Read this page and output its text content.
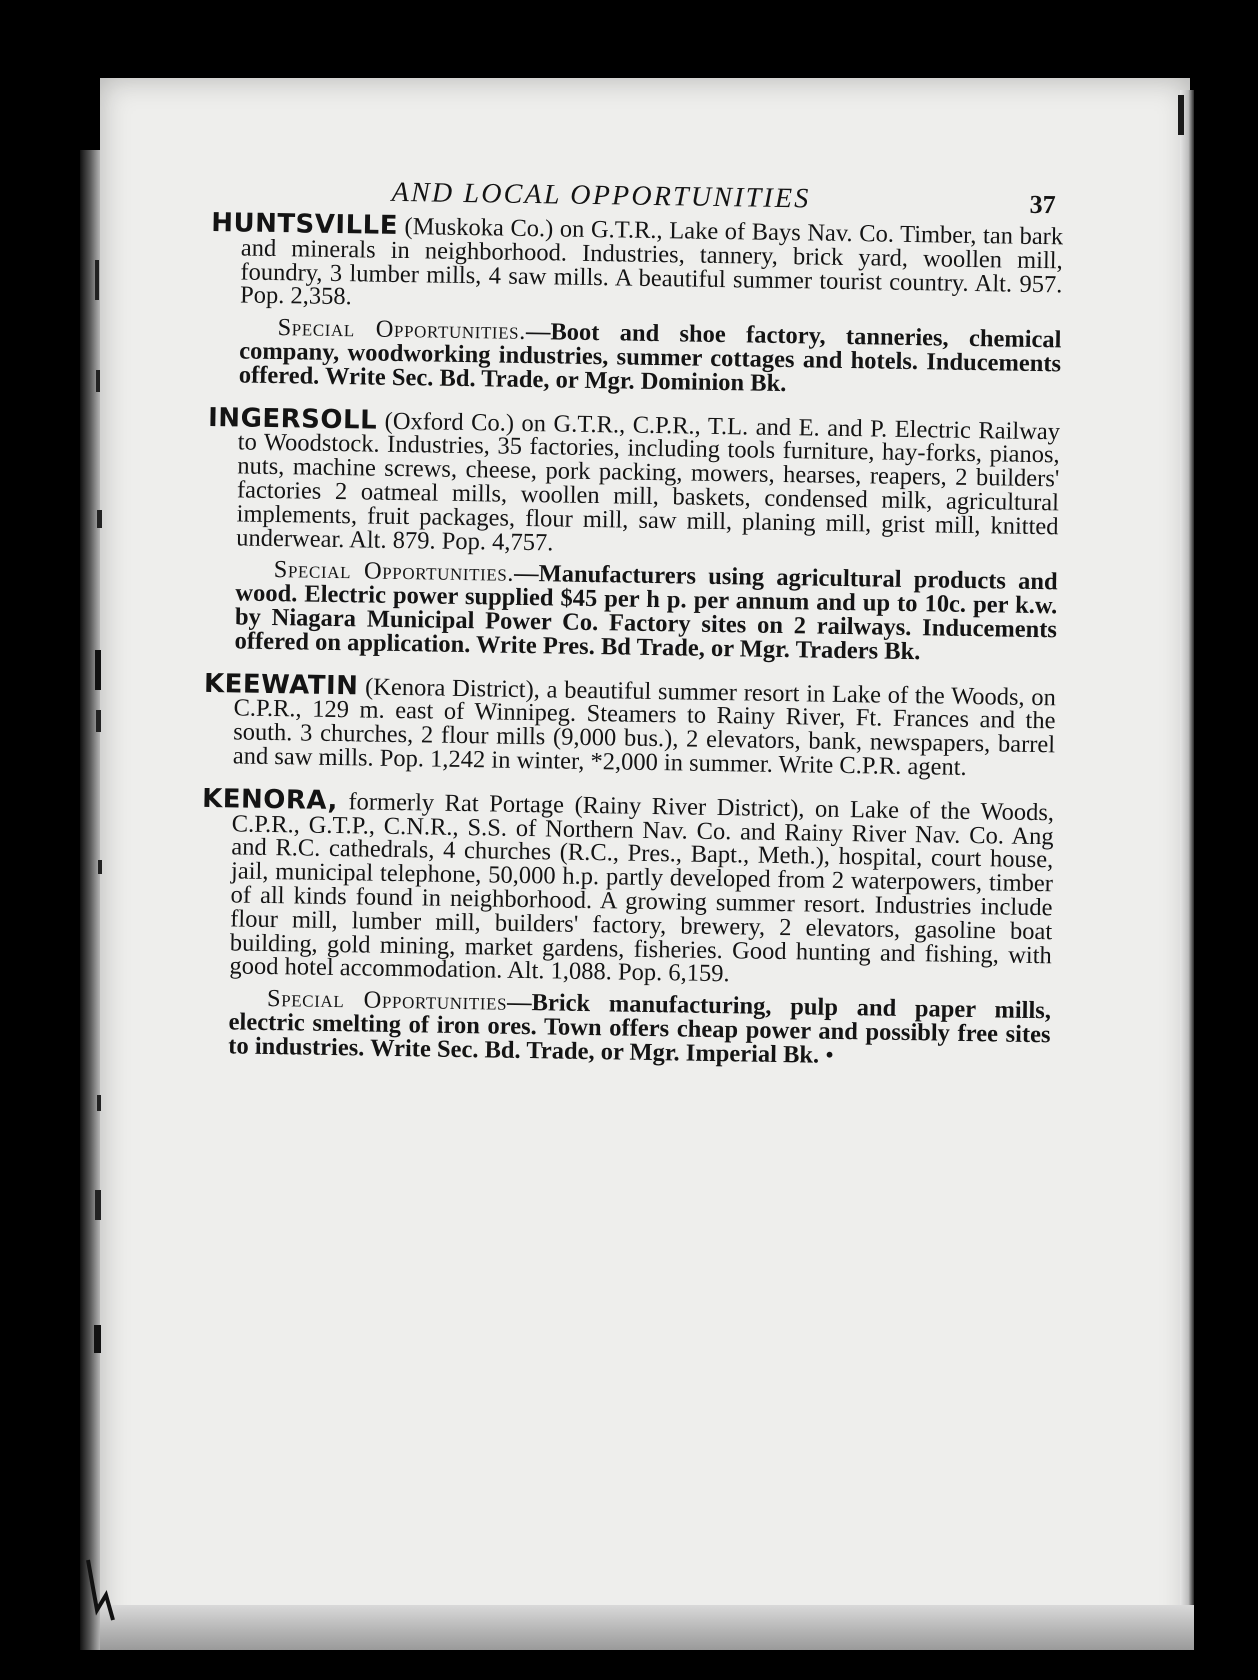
AND LOCAL OPPORTUNITIES	37

HUNTSVILLE (Muskoka Co.) on G.T.R., Lake of Bays Nav. Co. Timber, tan bark and minerals in neighborhood. Industries, tannery, brick yard, woollen mill, foundry, 3 lumber mills, 4 saw mills. A beautiful summer tourist country. Alt. 957. Pop. 2,358.

Special Opportunities.—Boot and shoe factory, tanneries, chemical company, woodworking industries, summer cottages and hotels. Inducements offered. Write Sec. Bd. Trade, or Mgr. Dominion Bk.

INGERSOLL (Oxford Co.) on G.T.R., C.P.R., T.L. and E. and P. Electric Railway to Woodstock. Industries, 35 factories, including tools furniture, hay-forks, pianos, nuts, machine screws, cheese, pork packing, mowers, hearses, reapers, 2 builders' factories 2 oatmeal mills, woollen mill, baskets, condensed milk, agricultural implements, fruit packages, flour mill, saw mill, planing mill, grist mill, knitted underwear. Alt. 879. Pop. 4,757.

Special Opportunities.—Manufacturers using agricultural products and wood. Electric power supplied $45 per h p. per annum and up to 10c. per k.w. by Niagara Municipal Power Co. Factory sites on 2 railways. Inducements offered on application. Write Pres. Bd Trade, or Mgr. Traders Bk.

KEEWATIN (Kenora District), a beautiful summer resort in Lake of the Woods, on C.P.R., 129 m. east of Winnipeg. Steamers to Rainy River, Ft. Frances and the south. 3 churches, 2 flour mills (9,000 bus.), 2 elevators, bank, newspapers, barrel and saw mills. Pop. 1,242 in winter, *2,000 in summer. Write C.P.R. agent.

KENORA, formerly Rat Portage (Rainy River District), on Lake of the Woods, C.P.R., G.T.P., C.N.R., S.S. of Northern Nav. Co. and Rainy River Nav. Co. Ang and R.C. cathedrals, 4 churches (R.C., Pres., Bapt., Meth.), hospital, court house, jail, municipal telephone, 50,000 h.p. partly developed from 2 waterpowers, timber of all kinds found in neighborhood. A growing summer resort. Industries include flour mill, lumber mill, builders' factory, brewery, 2 elevators, gasoline boat building, gold mining, market gardens, fisheries. Good hunting and fishing, with good hotel accommodation. Alt. 1,088. Pop. 6,159.

Special Opportunities—Brick manufacturing, pulp and paper mills, electric smelting of iron ores. Town offers cheap power and possibly free sites to industries. Write Sec. Bd. Trade, or Mgr. Imperial Bk. •
